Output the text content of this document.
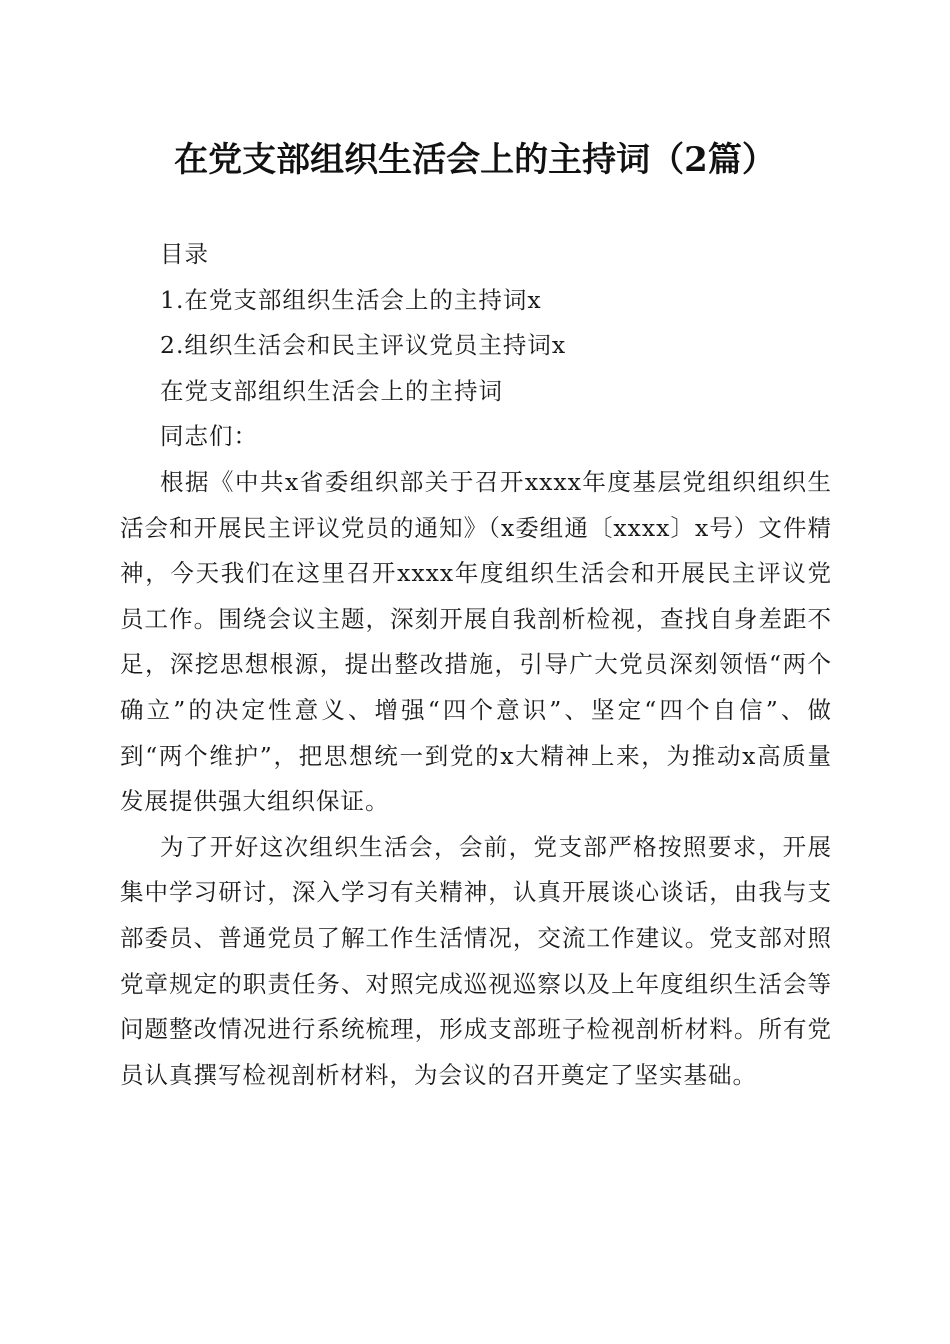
在党支部组织生活会上的主持词（2篇）
目录
1.在党支部组织生活会上的主持词x
2.组织生活会和民主评议党员主持词x
在党支部组织生活会上的主持词
同志们：

根据《中共x省委组织部关于召开xxxx年度基层党组织组织生活会和开展民主评议党员的通知》（x委组通〔xxxx〕x号）文件精神，今天我们在这里召开xxxx年度组织生活会和开展民主评议党员工作。围绕会议主题，深刻开展自我剖析检视，查找自身差距不足，深挖思想根源，提出整改措施，引导广大党员深刻领悟“两个确立”的决定性意义、增强“四个意识”、坚定“四个自信”、做到“两个维护”，把思想统一到党的x大精神上来，为推动x高质量发展提供强大组织保证。

为了开好这次组织生活会，会前，党支部严格按照要求，开展集中学习研讨，深入学习有关精神，认真开展谈心谈话，由我与支部委员、普通党员了解工作生活情况，交流工作建议。党支部对照党章规定的职责任务、对照完成巡视巡察以及上年度组织生活会等问题整改情况进行系统梳理，形成支部班子检视剖析材料。所有党员认真撰写检视剖析材料，为会议的召开奠定了坚实基础。
